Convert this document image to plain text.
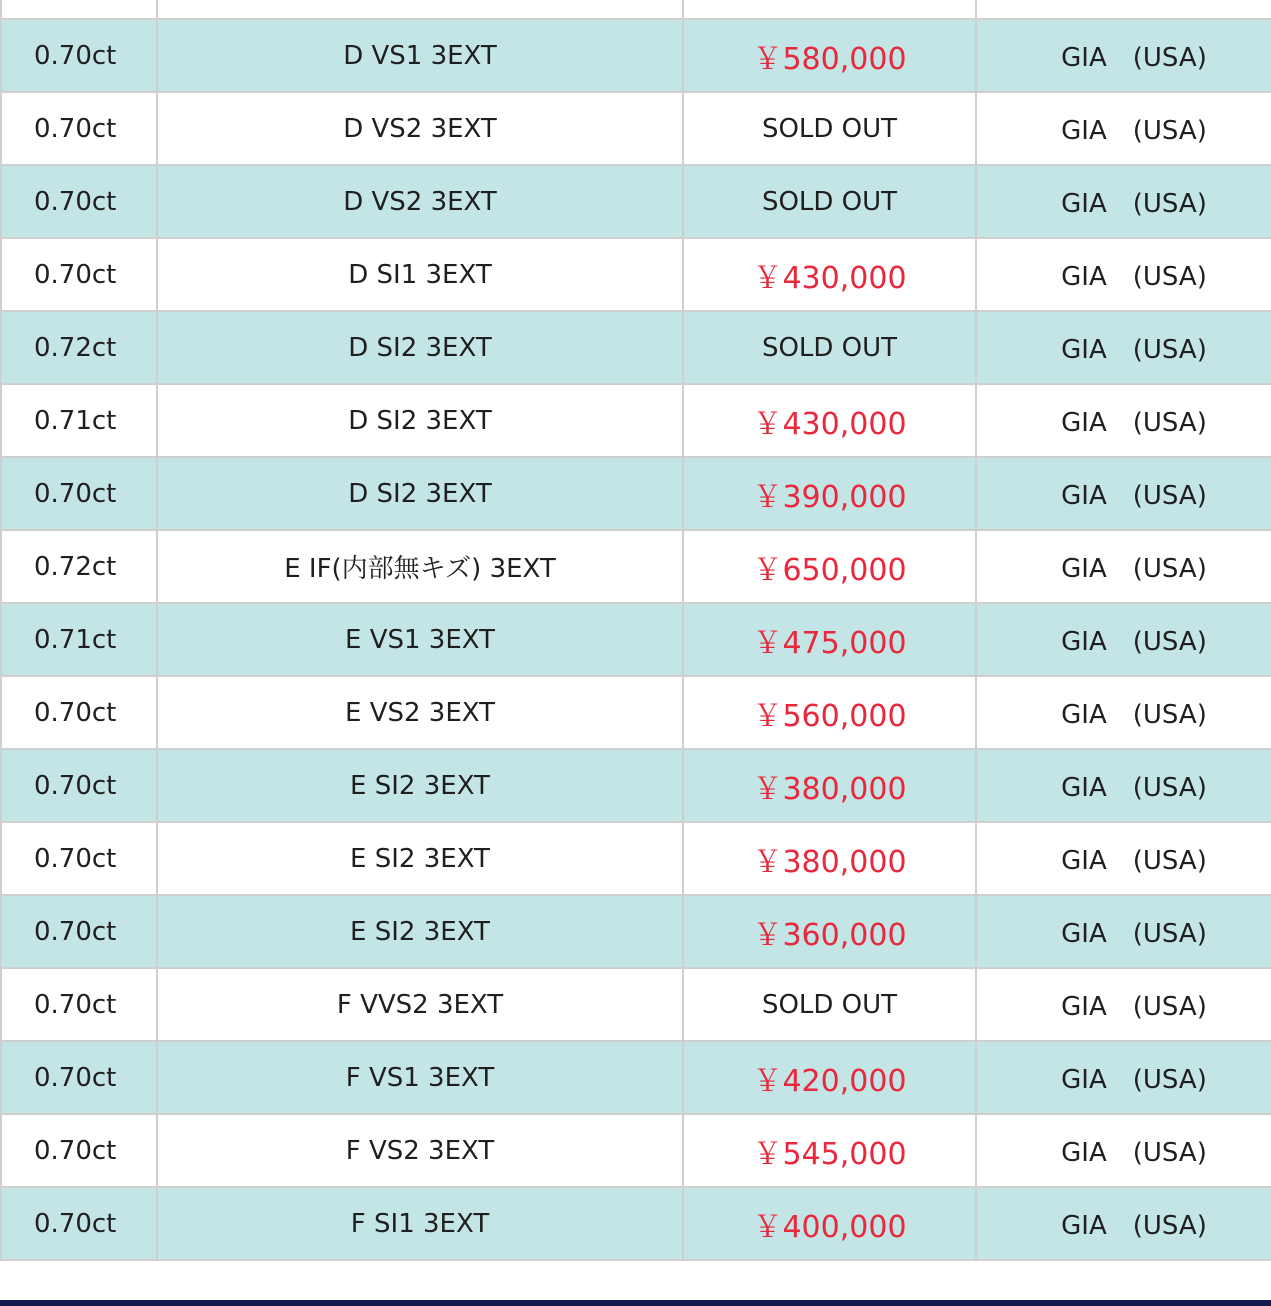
0.70ct	D VS1 3EXT	￥580,000	GIA　(USA)
0.70ct	D VS2 3EXT	SOLD OUT	GIA　(USA)
0.70ct	D VS2 3EXT	SOLD OUT	GIA　(USA)
0.70ct	D SI1 3EXT	￥430,000	GIA　(USA)
0.72ct	D SI2 3EXT	SOLD OUT	GIA　(USA)
0.71ct	D SI2 3EXT	￥430,000	GIA　(USA)
0.70ct	D SI2 3EXT	￥390,000	GIA　(USA)
0.72ct	E IF(内部無キズ) 3EXT	￥650,000	GIA　(USA)
0.71ct	E VS1 3EXT	￥475,000	GIA　(USA)
0.70ct	E VS2 3EXT	￥560,000	GIA　(USA)
0.70ct	E SI2 3EXT	￥380,000	GIA　(USA)
0.70ct	E SI2 3EXT	￥380,000	GIA　(USA)
0.70ct	E SI2 3EXT	￥360,000	GIA　(USA)
0.70ct	F VVS2 3EXT	SOLD OUT	GIA　(USA)
0.70ct	F VS1 3EXT	￥420,000	GIA　(USA)
0.70ct	F VS2 3EXT	￥545,000	GIA　(USA)
0.70ct	F SI1 3EXT	￥400,000	GIA　(USA)
